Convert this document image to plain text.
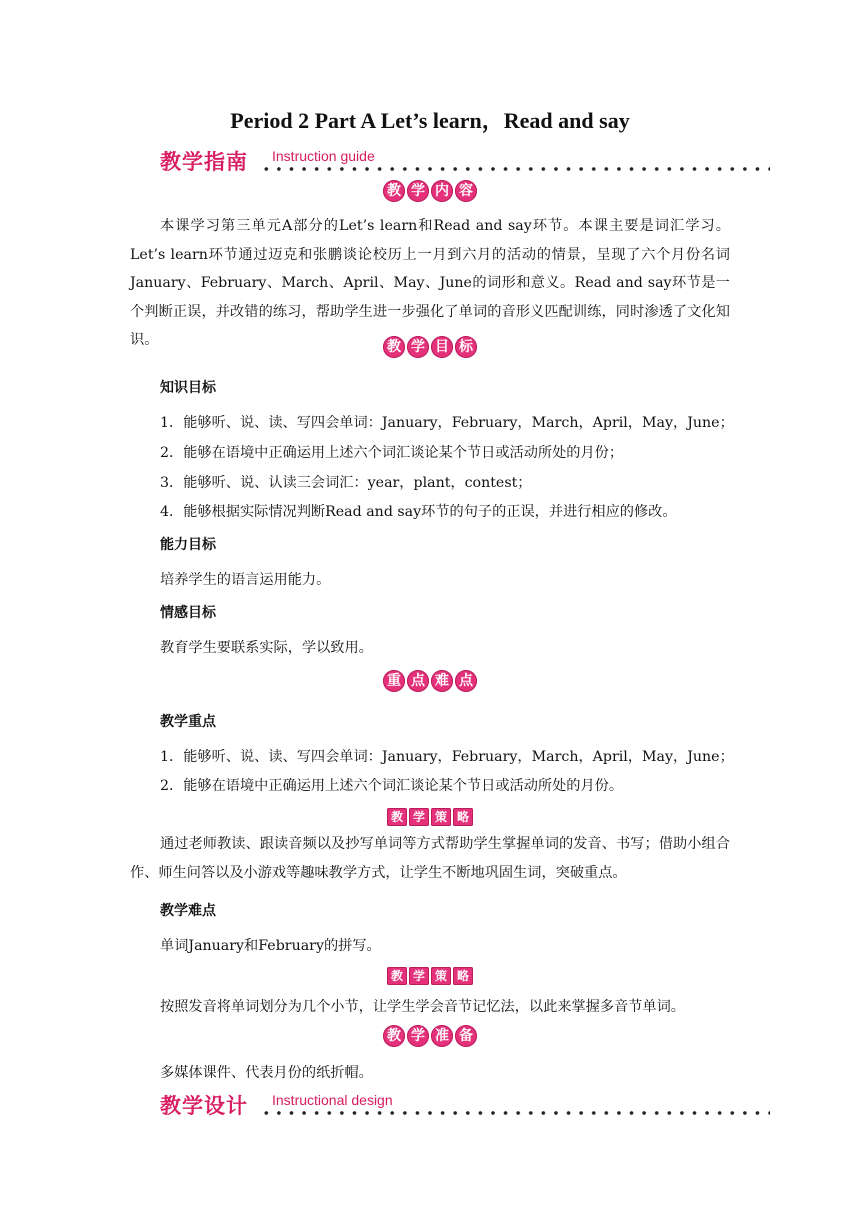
Period 2 Part A Let’s learn，Read and say
教学指南 Instruction guide
教 学 内 容
本课学习第三单元A部分的Let’s learn和Read and say环节。本课主要是词汇学习。Let’s learn环节通过迈克和张鹏谈论校历上一月到六月的活动的情景，呈现了六个月份名词January、February、March、April、May、June的词形和意义。Read and say环节是一个判断正误，并改错的练习，帮助学生进一步强化了单词的音形义匹配训练，同时渗透了文化知识。	教 学 目 标
知识目标
1．能够听、说、读、写四会单词：January，February，March，April，May，June；
2．能够在语境中正确运用上述六个词汇谈论某个节日或活动所处的月份；
3．能够听、说、认读三会词汇：year，plant，contest；
4．能够根据实际情况判断Read and say环节的句子的正误，并进行相应的修改。
能力目标
培养学生的语言运用能力。
情感目标
教育学生要联系实际，学以致用。
重 点 难 点
教学重点
1．能够听、说、读、写四会单词：January，February，March，April，May，June；
2．能够在语境中正确运用上述六个词汇谈论某个节日或活动所处的月份。
教 学 策 略
通过老师教读、跟读音频以及抄写单词等方式帮助学生掌握单词的发音、书写；借助小组合作、师生问答以及小游戏等趣味教学方式，让学生不断地巩固生词，突破重点。
教学难点
单词January和February的拼写。
教 学 策 略
按照发音将单词划分为几个小节，让学生学会音节记忆法，以此来掌握多音节单词。
教 学 准 备
多媒体课件、代表月份的纸折帽。
教学设计 Instructional design
